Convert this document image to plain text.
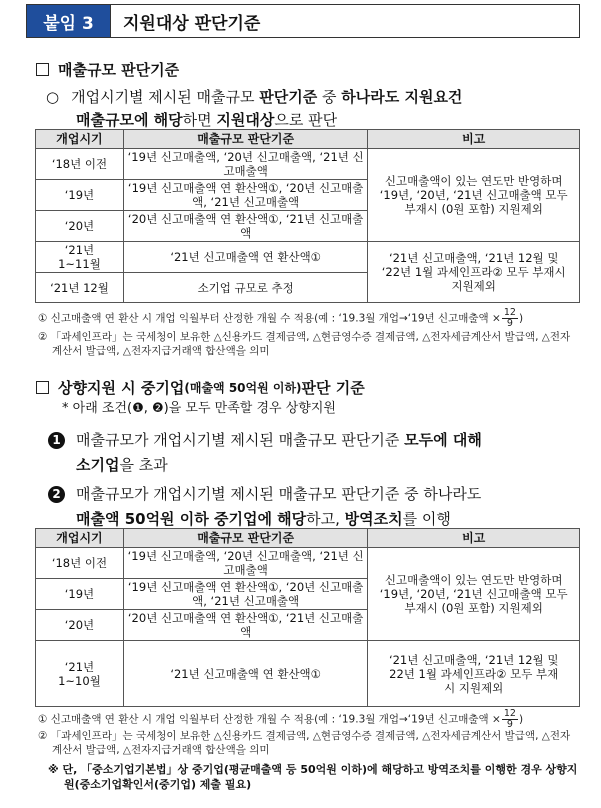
붙임 3	지원대상 판단기준
매출규모 판단기준
○ 개업시기별 제시된 매출규모 판단기준 중 하나라도 지원요건
매출규모에 해당하면 지원대상으로 판단
개업시기	매출규모 판단기준	비고
‘18년 이전	‘19년 신고매출액, ‘20년 신고매출액, ‘21년 신고매출액	신고매출액이 있는 연도만 반영하며 ‘19년, ‘20년, ‘21년 신고매출액 모두 부재시 (0원 포함) 지원제외
‘19년	‘19년 신고매출액 연 환산액①, ‘20년 신고매출액, ‘21년 신고매출액	
‘20년	‘20년 신고매출액 연 환산액①, ‘21년 신고매출액	
‘21년 1~11월	‘21년 신고매출액 연 환산액①	‘21년 신고매출액, ‘21년 12월 및 ‘22년 1월 과세인프라② 모두 부재시 지원제외
‘21년 12월	소기업 규모로 추정	
① 신고매출액 연 환산 시 개업 익월부터 산정한 개월 수 적용(예 : ‘19.3월 개업→‘19년 신고매출액 × $\frac{12}{9}$ )
② 「과세인프라」는 국세청이 보유한 △신용카드 결제금액, △현금영수증 결제금액, △전자세금계산서 발급액, △전자계산서 발급액, △전자지급거래액 합산액을 의미
상향지원 시 중기업 (매출액 50억원 이하) 판단 기준
* 아래 조건(❶, ❷)을 모두 만족할 경우 상향지원
1 매출규모가 개업시기별 제시된 매출규모 판단기준 모두에 대해
소기업을 초과
2 매출규모가 개업시기별 제시된 매출규모 판단기준 중 하나라도
매출액 50억원 이하 중기업에 해당하고, 방역조치를 이행
개업시기	매출규모 판단기준	비고
‘18년 이전	‘19년 신고매출액, ‘20년 신고매출액, ‘21년 신고매출액	신고매출액이 있는 연도만 반영하며 ‘19년, ‘20년, ‘21년 신고매출액 모두 부재시 (0원 포함) 지원제외
‘19년	‘19년 신고매출액 연 환산액①, ‘20년 신고매출액, ‘21년 신고매출액	
‘20년	‘20년 신고매출액 연 환산액①, ‘21년 신고매출액	
‘21년 1~10월	‘21년 신고매출액 연 환산액①	‘21년 신고매출액, ‘21년 12월 및 22년 1월 과세인프라② 모두 부재시 지원제외
① 신고매출액 연 환산 시 개업 익월부터 산정한 개월 수 적용(예 : ‘19.3월 개업→‘19년 신고매출액 × $\frac{12}{9}$ )
② 「과세인프라」는 국세청이 보유한 △신용카드 결제금액, △현금영수증 결제금액, △전자세금계산서 발급액, △전자계산서 발급액, △전자지급거래액 합산액을 의미
※ 단, 「중소기업기본법」상 중기업(평균매출액 등 50억원 이하)에 해당하고 방역조치를 이행한 경우 상향지원(중소기업확인서(중기업) 제출 필요)
